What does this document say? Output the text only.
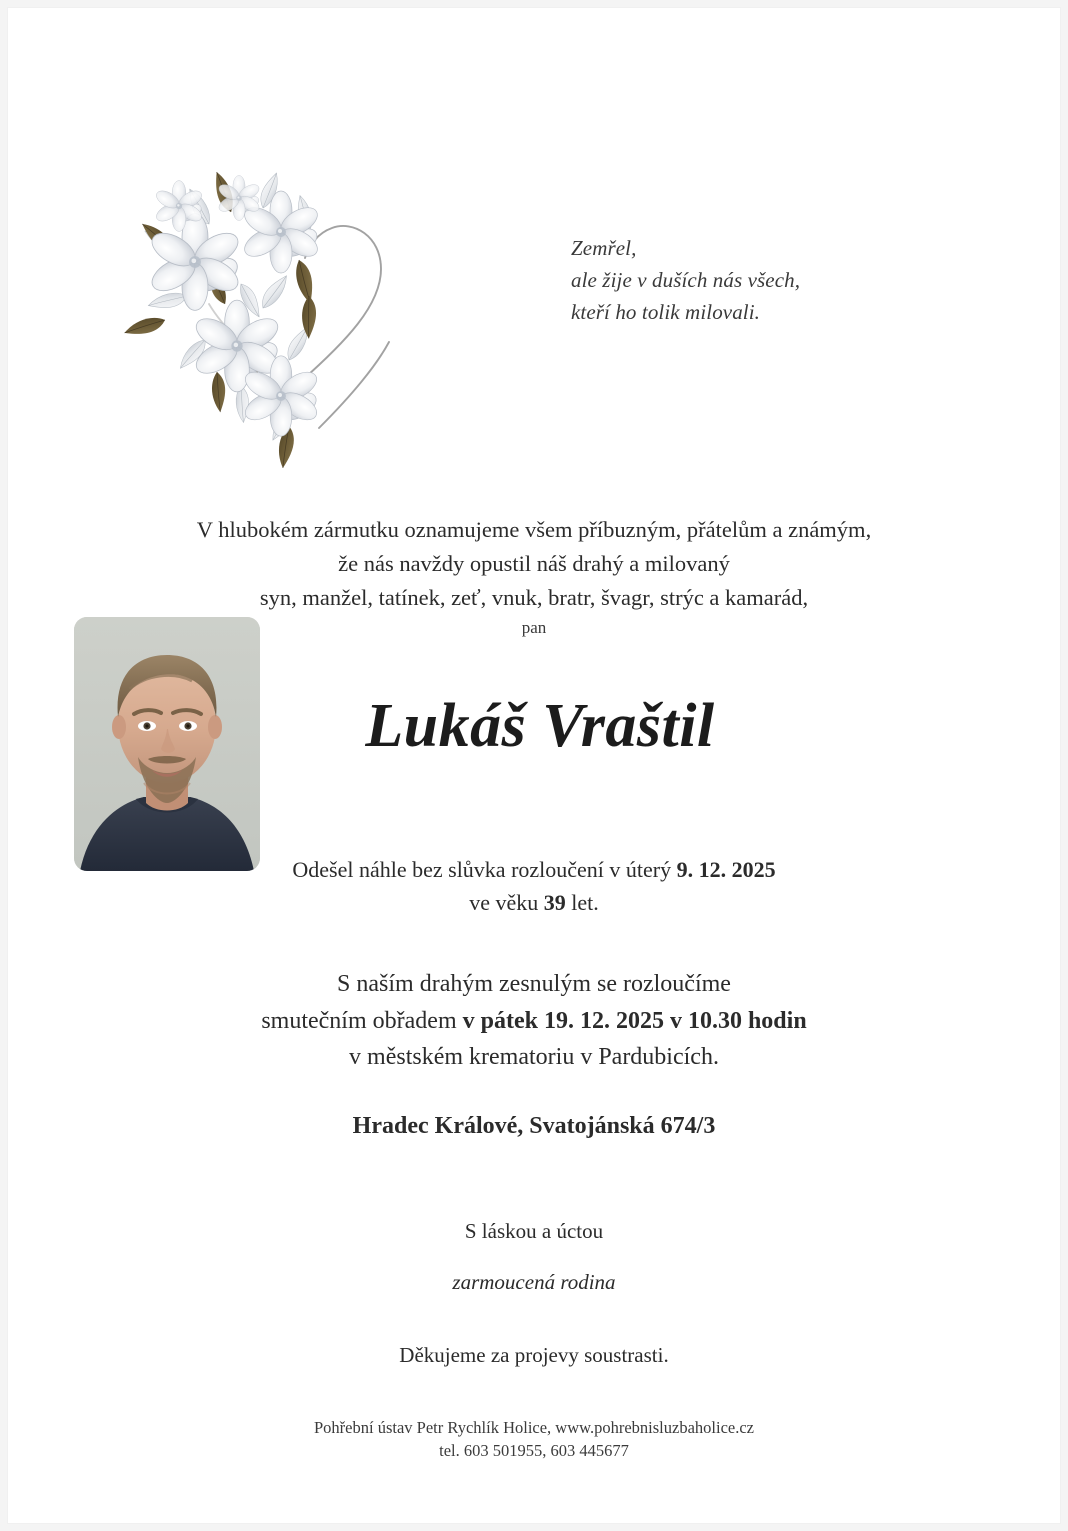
Zemřel,
ale žije v duších nás všech,
kteří ho tolik milovali.
V hlubokém zármutku oznamujeme všem příbuzným, přátelům a známým,
že nás navždy opustil náš drahý a milovaný
syn, manžel, tatínek, zeť, vnuk, bratr, švagr, strýc a kamarád,
pan
Lukáš Vraštil
Odešel náhle bez slůvka rozloučení v úterý 9. 12. 2025
ve věku 39 let.
S naším drahým zesnulým se rozloučíme
smutečním obřadem v pátek 19. 12. 2025 v 10.30 hodin
v městském krematoriu v Pardubicích.
Hradec Králové, Svatojánská 674/3
S láskou a úctou
zarmoucená rodina
Děkujeme za projevy soustrasti.
Pohřební ústav Petr Rychlík Holice, www.pohrebnisluzbaholice.cz
tel. 603 501955, 603 445677
